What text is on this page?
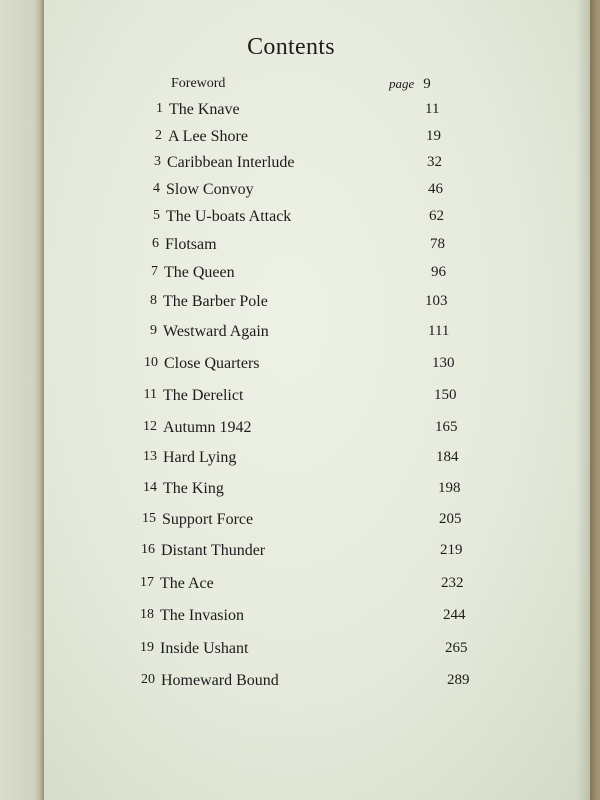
Contents
Foreword	page 9
1 The Knave	11
2 A Lee Shore	19
3 Caribbean Interlude	32
4 Slow Convoy	46
5 The U-boats Attack	62
6 Flotsam	78
7 The Queen	96
8 The Barber Pole	103
9 Westward Again	111
10 Close Quarters	130
11 The Derelict	150
12 Autumn 1942	165
13 Hard Lying	184
14 The King	198
15 Support Force	205
16 Distant Thunder	219
17 The Ace	232
18 The Invasion	244
19 Inside Ushant	265
20 Homeward Bound	289
